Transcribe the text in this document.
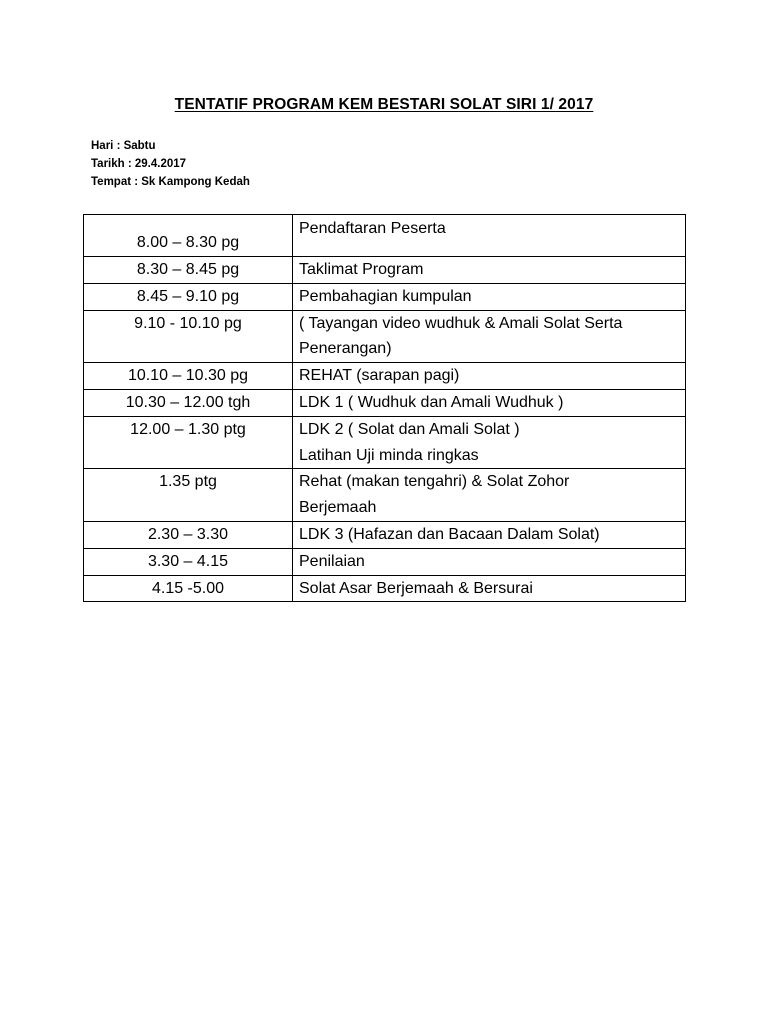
TENTATIF PROGRAM KEM BESTARI SOLAT SIRI 1/ 2017
Hari : Sabtu
Tarikh : 29.4.2017
Tempat : Sk Kampong Kedah
8.00 – 8.30 pg	Pendaftaran Peserta

8.30 – 8.45 pg	Taklimat Program

8.45 – 9.10 pg	Pembahagian kumpulan

9.10 - 10.10 pg	( Tayangan video wudhuk & Amali Solat Serta
Penerangan)

10.10 – 10.30 pg	REHAT (sarapan pagi)

10.30 – 12.00 tgh	LDK 1 ( Wudhuk dan Amali Wudhuk )

12.00 – 1.30 ptg	LDK 2 ( Solat dan Amali Solat )
Latihan Uji minda ringkas

1.35 ptg	Rehat (makan tengahri) & Solat Zohor
Berjemaah

2.30 – 3.30	LDK 3 (Hafazan dan Bacaan Dalam Solat)

3.30 – 4.15	Penilaian

4.15 -5.00	Solat Asar Berjemaah & Bersurai
